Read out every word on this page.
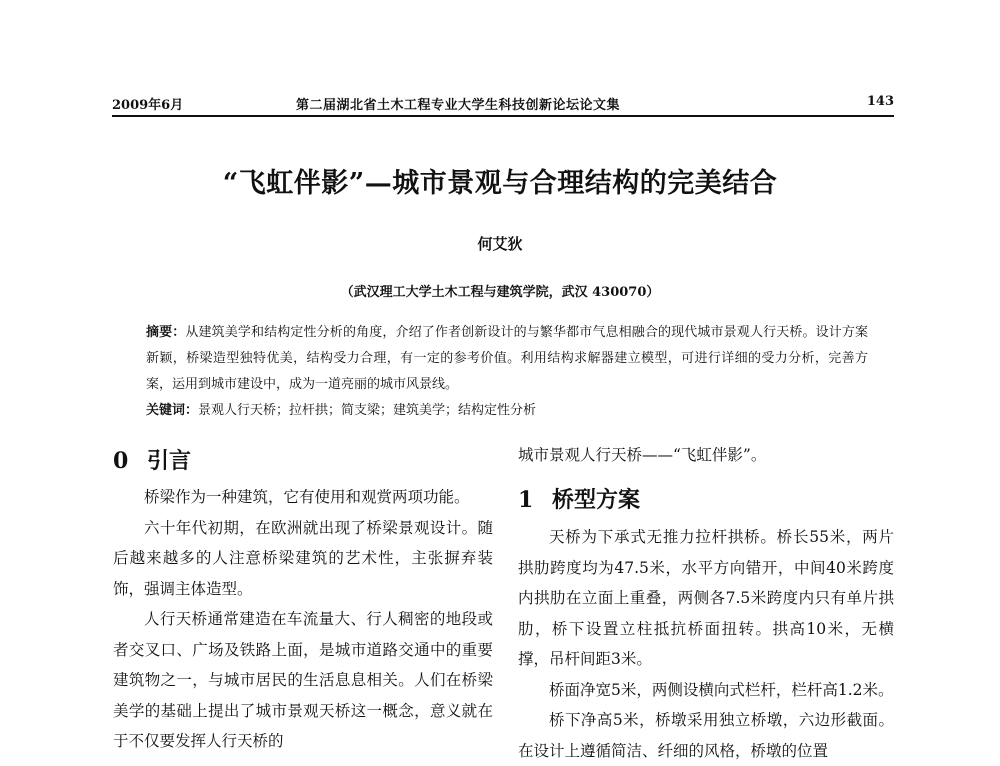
2009年6月	第二届湖北省土木工程专业大学生科技创新论坛论文集	143
“飞虹伴影”—城市景观与合理结构的完美结合
何艾狄
（武汉理工大学土木工程与建筑学院，武汉 430070）
摘要：从建筑美学和结构定性分析的角度，介绍了作者创新设计的与繁华都市气息相融合的现代城市景观人行天桥。设计方案新颖，桥梁造型独特优美，结构受力合理，有一定的参考价值。利用结构求解器建立模型，可进行详细的受力分析，完善方案，运用到城市建设中，成为一道亮丽的城市风景线。
关键词：景观人行天桥；拉杆拱；简支梁；建筑美学；结构定性分析
0 引言

桥梁作为一种建筑，它有使用和观赏两项功能。

六十年代初期，在欧洲就出现了桥梁景观设计。随后越来越多的人注意桥梁建筑的艺术性，主张摒弃装饰，强调主体造型。

人行天桥通常建造在车流量大、行人稠密的地段或者交叉口、广场及铁路上面，是城市道路交通中的重要建筑物之一，与城市居民的生活息息相关。人们在桥梁美学的基础上提出了城市景观天桥这一概念，意义就在于不仅要发挥人行天桥的

城市景观人行天桥——“飞虹伴影”。

1 桥型方案

天桥为下承式无推力拉杆拱桥。桥长55米，两片拱肋跨度均为47.5米，水平方向错开，中间40米跨度内拱肋在立面上重叠，两侧各7.5米跨度内只有单片拱肋，桥下设置立柱抵抗桥面扭转。拱高10米，无横撑，吊杆间距3米。

桥面净宽5米，两侧设横向式栏杆，栏杆高1.2米。

桥下净高5米，桥墩采用独立桥墩，六边形截面。在设计上遵循简洁、纤细的风格，桥墩的位置
